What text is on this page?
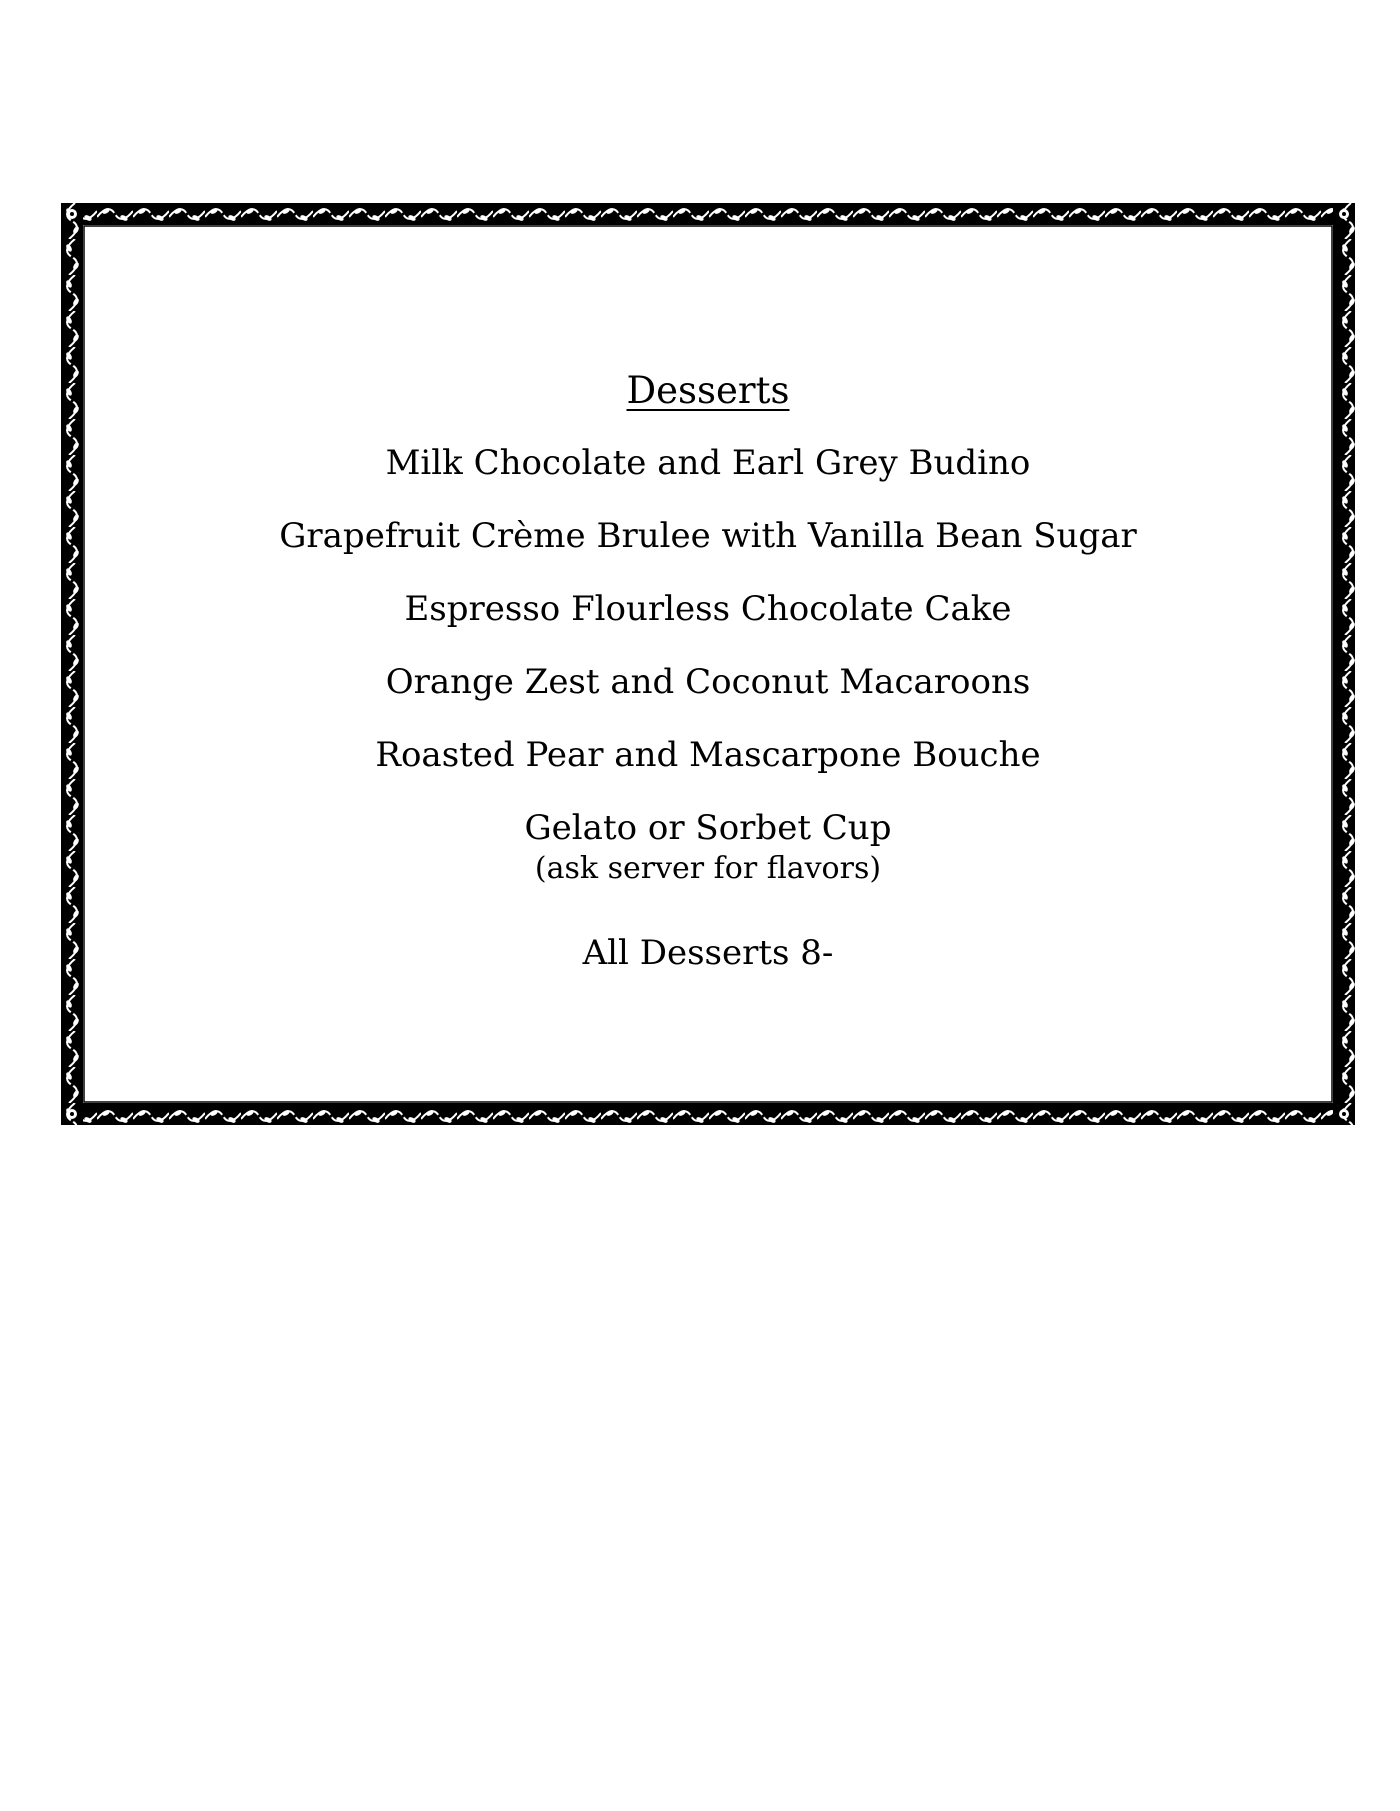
Desserts
Milk Chocolate and Earl Grey Budino
Grapefruit Crème Brulee with Vanilla Bean Sugar
Espresso Flourless Chocolate Cake
Orange Zest and Coconut Macaroons
Roasted Pear and Mascarpone Bouche
Gelato or Sorbet Cup
(ask server for flavors)
All Desserts 8-
